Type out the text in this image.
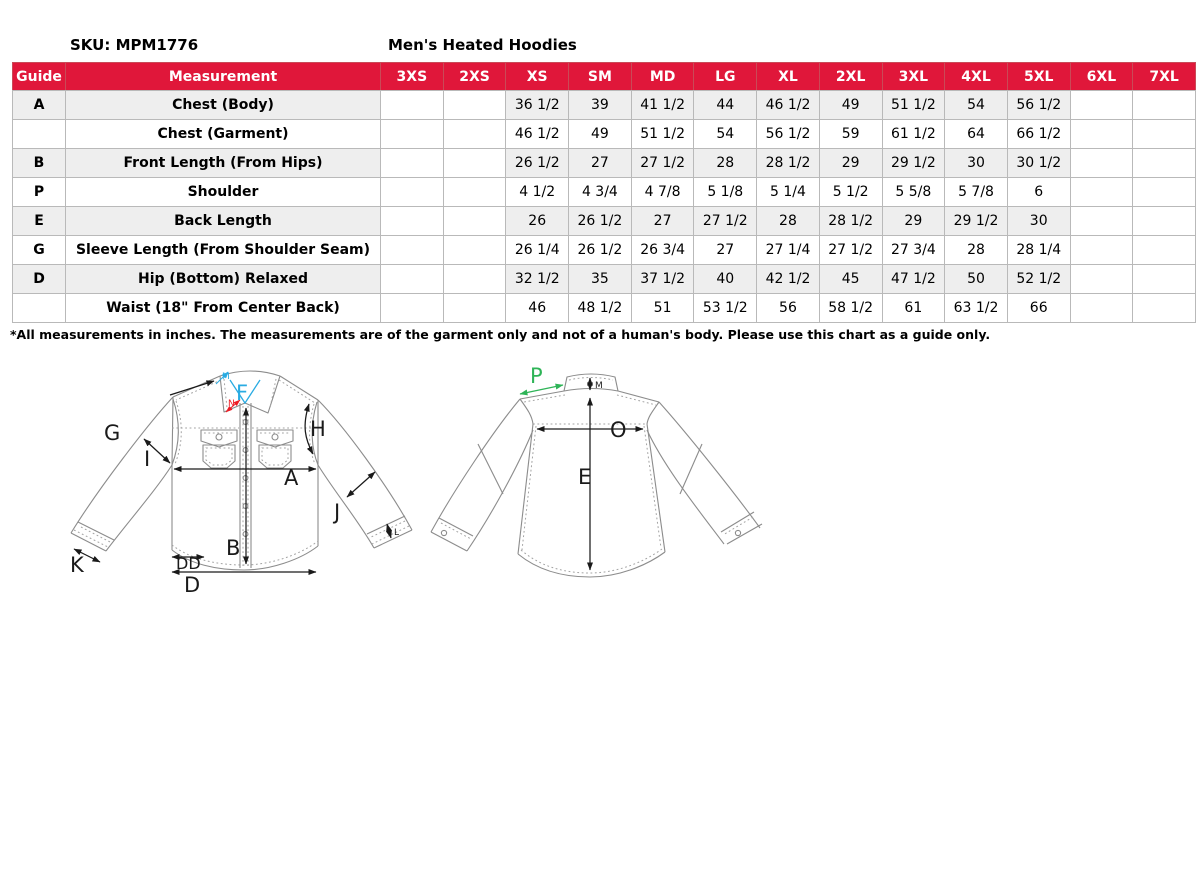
SKU: MPM1776	Men's Heated Hoodies
Guide	Measurement	3XS	2XS	XS	SM	MD	LG	XL	2XL	3XL	4XL	5XL	6XL	7XL
A	Chest (Body)			36 1/2	39	41 1/2	44	46 1/2	49	51 1/2	54	56 1/2		
	Chest (Garment)			46 1/2	49	51 1/2	54	56 1/2	59	61 1/2	64	66 1/2		
B	Front Length (From Hips)			26 1/2	27	27 1/2	28	28 1/2	29	29 1/2	30	30 1/2		
P	Shoulder			4 1/2	4 3/4	4 7/8	5 1/8	5 1/4	5 1/2	5 5/8	5 7/8	6		
E	Back Length			26	26 1/2	27	27 1/2	28	28 1/2	29	29 1/2	30		
G	Sleeve Length (From Shoulder Seam)			26 1/4	26 1/2	26 3/4	27	27 1/4	27 1/2	27 3/4	28	28 1/4		
D	Hip (Bottom) Relaxed			32 1/2	35	37 1/2	40	42 1/2	45	47 1/2	50	52 1/2		
	Waist (18" From Center Back)			46	48 1/2	51	53 1/2	56	58 1/2	61	63 1/2	66		
*All measurements in inches. The measurements are of the garment only and not of a human's body. Please use this chart as a guide only.
A
B
D
DD
F
G	H
I
J
K
L
M
N
E
O
P	M
